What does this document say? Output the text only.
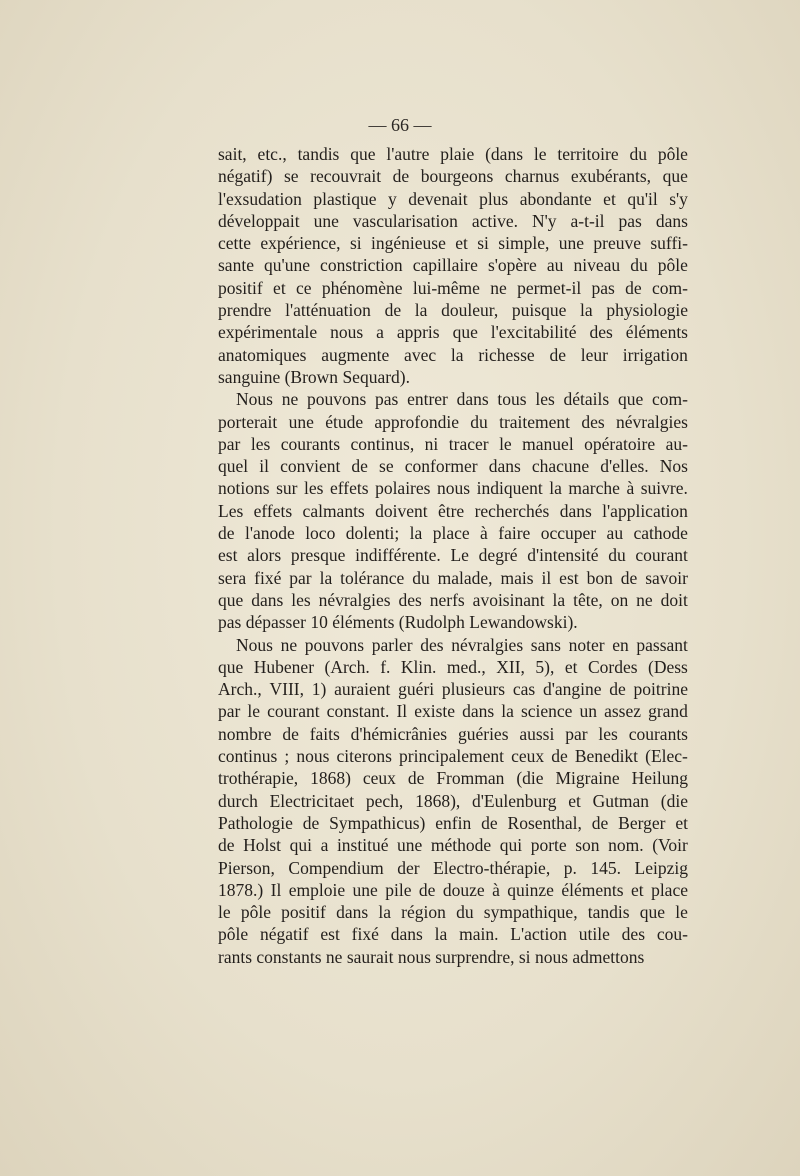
— 66 —
sait, etc., tandis que l'autre plaie (dans le territoire du pôle
négatif) se recouvrait de bourgeons charnus exubérants, que
l'exsudation plastique y devenait plus abondante et qu'il s'y
développait une vascularisation active. N'y a-t-il pas dans
cette expérience, si ingénieuse et si simple, une preuve suffi-
sante qu'une constriction capillaire s'opère au niveau du pôle
positif et ce phénomène lui-même ne permet-il pas de com-
prendre l'atténuation de la douleur, puisque la physiologie
expérimentale nous a appris que l'excitabilité des éléments
anatomiques augmente avec la richesse de leur irrigation
sanguine (Brown Sequard).
Nous ne pouvons pas entrer dans tous les détails que com-
porterait une étude approfondie du traitement des névralgies
par les courants continus, ni tracer le manuel opératoire au-
quel il convient de se conformer dans chacune d'elles. Nos
notions sur les effets polaires nous indiquent la marche à suivre.
Les effets calmants doivent être recherchés dans l'application
de l'anode loco dolenti; la place à faire occuper au cathode
est alors presque indifférente. Le degré d'intensité du courant
sera fixé par la tolérance du malade, mais il est bon de savoir
que dans les névralgies des nerfs avoisinant la tête, on ne doit
pas dépasser 10 éléments (Rudolph Lewandowski).
Nous ne pouvons parler des névralgies sans noter en passant
que Hubener (Arch. f. Klin. med., XII, 5), et Cordes (Dess
Arch., VIII, 1) auraient guéri plusieurs cas d'angine de poitrine
par le courant constant. Il existe dans la science un assez grand
nombre de faits d'hémicrânies guéries aussi par les courants
continus ; nous citerons principalement ceux de Benedikt (Elec-
trothérapie, 1868) ceux de Fromman (die Migraine Heilung
durch Electricitaet pech, 1868), d'Eulenburg et Gutman (die
Pathologie de Sympathicus) enfin de Rosenthal, de Berger et
de Holst qui a institué une méthode qui porte son nom. (Voir
Pierson, Compendium der Electro-thérapie, p. 145. Leipzig
1878.) Il emploie une pile de douze à quinze éléments et place
le pôle positif dans la région du sympathique, tandis que le
pôle négatif est fixé dans la main. L'action utile des cou-
rants constants ne saurait nous surprendre, si nous admettons
